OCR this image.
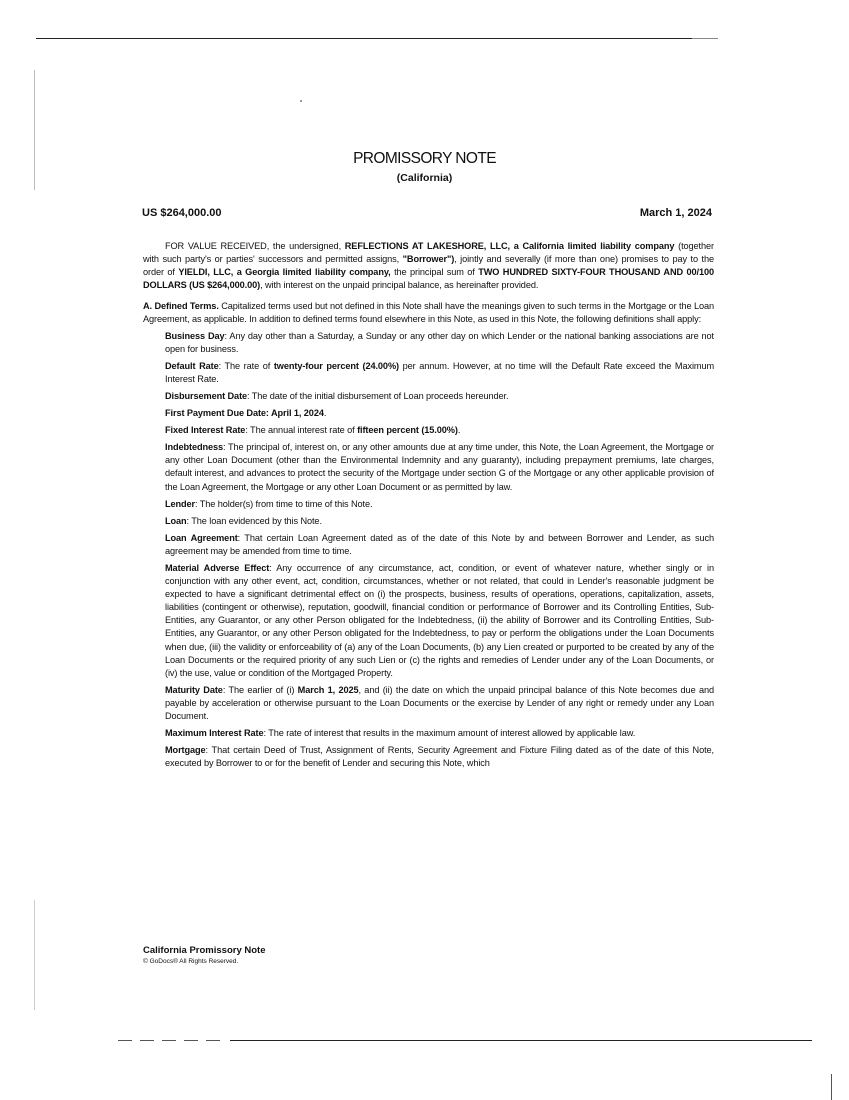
PROMISSORY NOTE
(California)
US $264,000.00	March 1, 2024

FOR VALUE RECEIVED, the undersigned, REFLECTIONS AT LAKESHORE, LLC, a California limited liability company (together with such party's or parties' successors and permitted assigns, "Borrower"), jointly and severally (if more than one) promises to pay to the order of YIELDI, LLC, a Georgia limited liability company, the principal sum of TWO HUNDRED SIXTY-FOUR THOUSAND AND 00/100 DOLLARS (US $264,000.00), with interest on the unpaid principal balance, as hereinafter provided.

A. Defined Terms. Capitalized terms used but not defined in this Note shall have the meanings given to such terms in the Mortgage or the Loan Agreement, as applicable. In addition to defined terms found elsewhere in this Note, as used in this Note, the following definitions shall apply:

Business Day: Any day other than a Saturday, a Sunday or any other day on which Lender or the national banking associations are not open for business.

Default Rate: The rate of twenty-four percent (24.00%) per annum. However, at no time will the Default Rate exceed the Maximum Interest Rate.

Disbursement Date: The date of the initial disbursement of Loan proceeds hereunder.

First Payment Due Date: April 1, 2024.

Fixed Interest Rate: The annual interest rate of fifteen percent (15.00%).

Indebtedness: The principal of, interest on, or any other amounts due at any time under, this Note, the Loan Agreement, the Mortgage or any other Loan Document (other than the Environmental Indemnity and any guaranty), including prepayment premiums, late charges, default interest, and advances to protect the security of the Mortgage under section G of the Mortgage or any other applicable provision of the Loan Agreement, the Mortgage or any other Loan Document or as permitted by law.

Lender: The holder(s) from time to time of this Note.

Loan: The loan evidenced by this Note.

Loan Agreement: That certain Loan Agreement dated as of the date of this Note by and between Borrower and Lender, as such agreement may be amended from time to time.

Material Adverse Effect: Any occurrence of any circumstance, act, condition, or event of whatever nature, whether singly or in conjunction with any other event, act, condition, circumstances, whether or not related, that could in Lender's reasonable judgment be expected to have a significant detrimental effect on (i) the prospects, business, results of operations, operations, capitalization, assets, liabilities (contingent or otherwise), reputation, goodwill, financial condition or performance of Borrower and its Controlling Entities, Sub-Entities, any Guarantor, or any other Person obligated for the Indebtedness, (ii) the ability of Borrower and its Controlling Entities, Sub-Entities, any Guarantor, or any other Person obligated for the Indebtedness, to pay or perform the obligations under the Loan Documents when due, (iii) the validity or enforceability of (a) any of the Loan Documents, (b) any Lien created or purported to be created by any of the Loan Documents or the required priority of any such Lien or (c) the rights and remedies of Lender under any of the Loan Documents, or (iv) the use, value or condition of the Mortgaged Property.

Maturity Date: The earlier of (i) March 1, 2025, and (ii) the date on which the unpaid principal balance of this Note becomes due and payable by acceleration or otherwise pursuant to the Loan Documents or the exercise by Lender of any right or remedy under any Loan Document.

Maximum Interest Rate: The rate of interest that results in the maximum amount of interest allowed by applicable law.

Mortgage: That certain Deed of Trust, Assignment of Rents, Security Agreement and Fixture Filing dated as of the date of this Note, executed by Borrower to or for the benefit of Lender and securing this Note, which

California Promissory Note
© GoDocs® All Rights Reserved.
